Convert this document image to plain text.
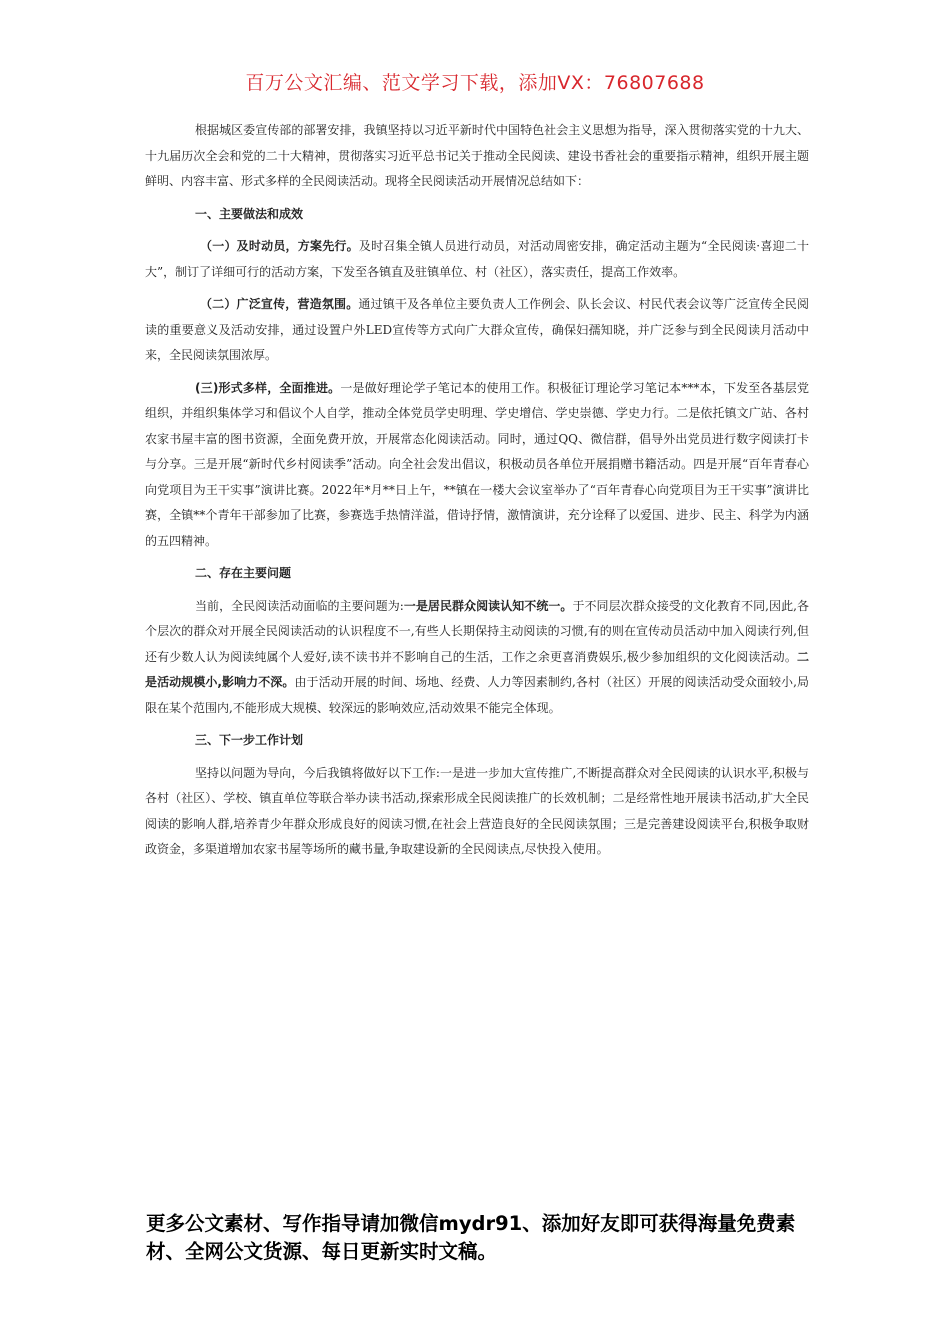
百万公文汇编、范文学习下载，添加VX：76807688

根据城区委宣传部的部署安排，我镇坚持以习近平新时代中国特色社会主义思想为指导，深入贯彻落实党的十九大、十九届历次全会和党的二十大精神，贯彻落实习近平总书记关于推动全民阅读、建设书香社会的重要指示精神，组织开展主题鲜明、内容丰富、形式多样的全民阅读活动。现将全民阅读活动开展情况总结如下：

一、主要做法和成效

（一）及时动员，方案先行。及时召集全镇人员进行动员，对活动周密安排，确定活动主题为“全民阅读·喜迎二十大”，制订了详细可行的活动方案，下发至各镇直及驻镇单位、村（社区），落实责任，提高工作效率。

（二）广泛宣传，营造氛围。通过镇干及各单位主要负责人工作例会、队长会议、村民代表会议等广泛宣传全民阅读的重要意义及活动安排，通过设置户外LED宣传等方式向广大群众宣传，确保妇孺知晓，并广泛参与到全民阅读月活动中来，全民阅读氛围浓厚。

(三)形式多样，全面推进。一是做好理论学子笔记本的使用工作。积极征订理论学习笔记本***本，下发至各基层党组织，并组织集体学习和倡议个人自学，推动全体党员学史明理、学史增信、学史崇德、学史力行。二是依托镇文广站、各村农家书屋丰富的图书资源，全面免费开放，开展常态化阅读活动。同时，通过QQ、微信群，倡导外出党员进行数字阅读打卡与分享。三是开展“新时代乡村阅读季”活动。向全社会发出倡议，积极动员各单位开展捐赠书籍活动。四是开展“百年青春心向党项目为王干实事”演讲比赛。2022年*月**日上午，**镇在一楼大会议室举办了“百年青春心向党项目为王干实事”演讲比赛，全镇**个青年干部参加了比赛，参赛选手热情洋溢，借诗抒情，激情演讲，充分诠释了以爱国、进步、民主、科学为内涵的五四精神。

二、存在主要问题

当前，全民阅读活动面临的主要问题为:一是居民群众阅读认知不统一。于不同层次群众接受的文化教育不同,因此,各个层次的群众对开展全民阅读活动的认识程度不一,有些人长期保持主动阅读的习惯,有的则在宣传动员活动中加入阅读行列,但还有少数人认为阅读纯属个人爱好,读不读书并不影响自己的生活，工作之余更喜消费娱乐,极少参加组织的文化阅读活动。二是活动规模小,影响力不深。由于活动开展的时间、场地、经费、人力等因素制约,各村（社区）开展的阅读活动受众面较小,局限在某个范围内,不能形成大规模、较深远的影响效应,活动效果不能完全体现。

三、下一步工作计划

坚持以问题为导向，今后我镇将做好以下工作:一是进一步加大宣传推广,不断提高群众对全民阅读的认识水平,积极与各村（社区）、学校、镇直单位等联合举办读书活动,探索形成全民阅读推广的长效机制；二是经常性地开展读书活动,扩大全民阅读的影响人群,培养青少年群众形成良好的阅读习惯,在社会上营造良好的全民阅读氛围；三是完善建设阅读平台,积极争取财政资金，多渠道增加农家书屋等场所的藏书量,争取建设新的全民阅读点,尽快投入使用。

更多公文素材、写作指导请加微信mydr91、添加好友即可获得海量免费素材、全网公文货源、每日更新实时文稿。
